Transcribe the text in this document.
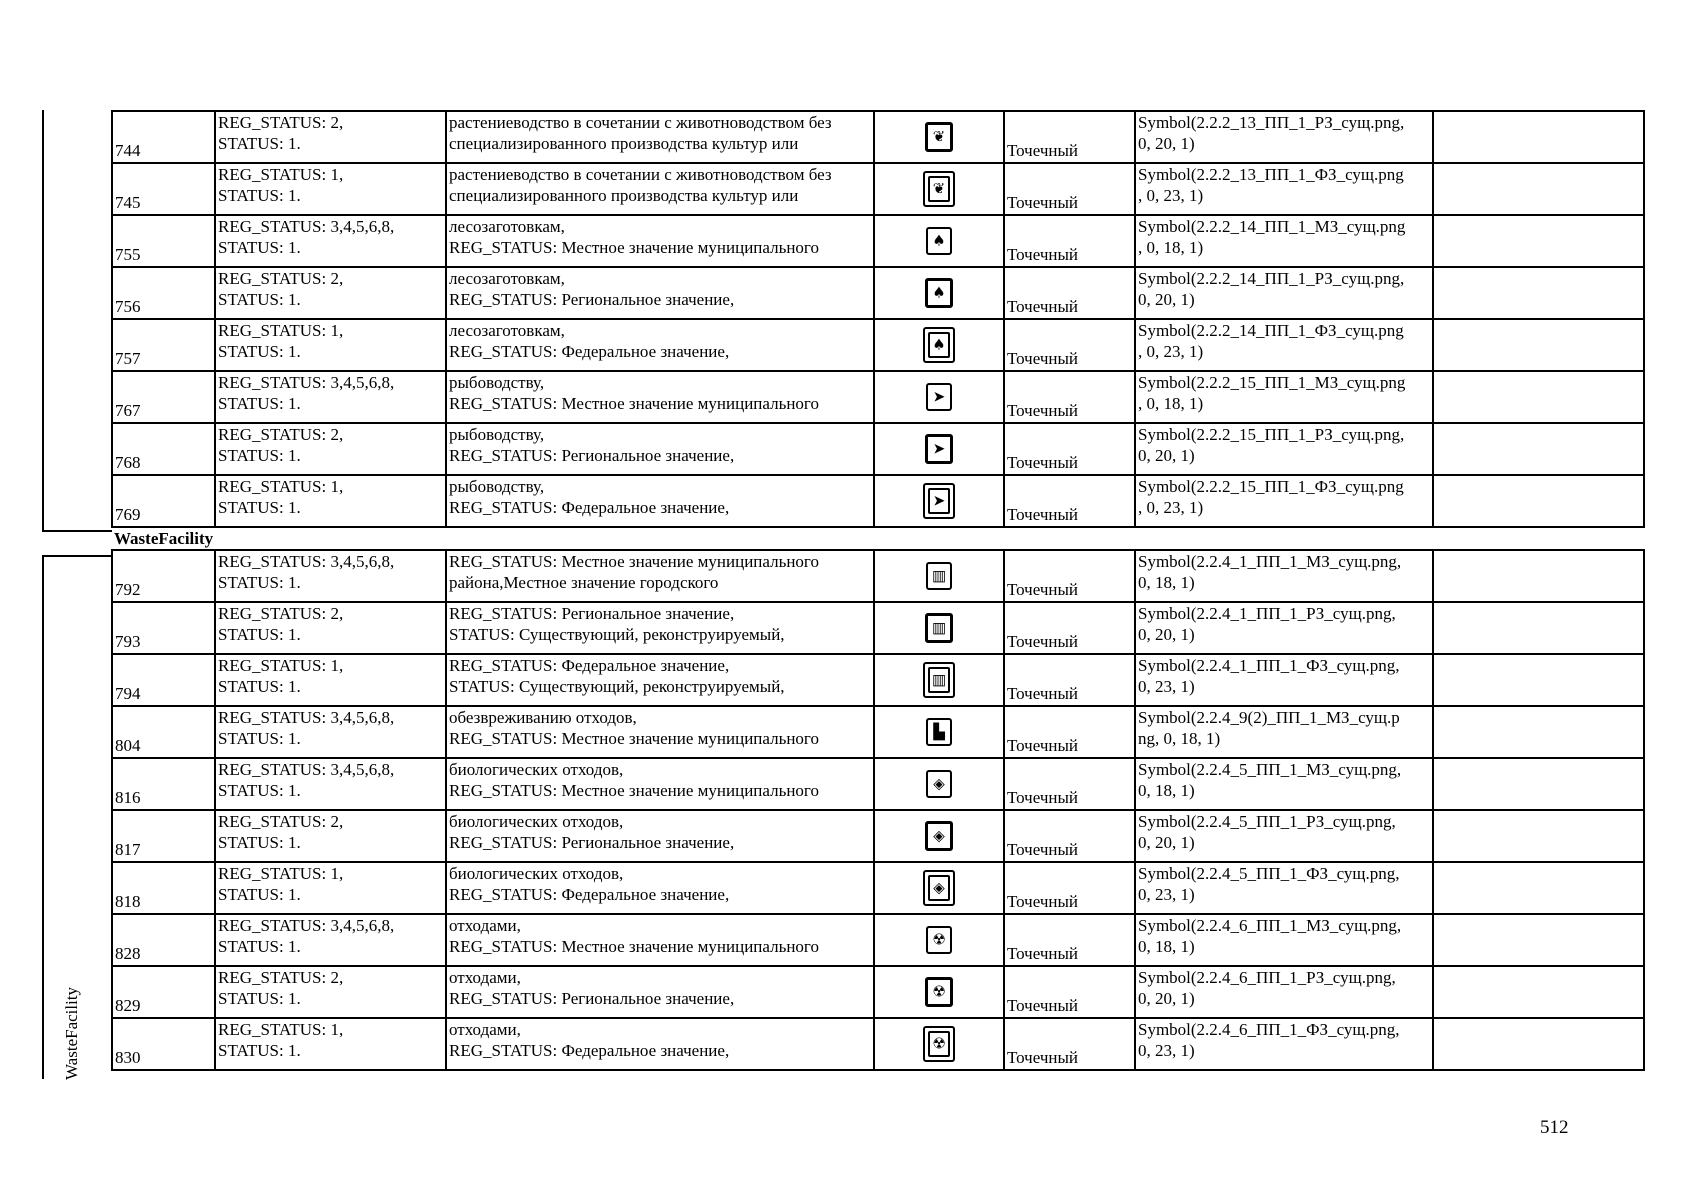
WasteFacility
744	REG_STATUS: 2,
STATUS: 1.	растениеводство в сочетании с животноводством без
специализированного производства культур или	❦	Точечный	Symbol(2.2.2_13_ПП_1_РЗ_сущ.png,
0, 20, 1)	

745	REG_STATUS: 1,
STATUS: 1.	растениеводство в сочетании с животноводством без
специализированного производства культур или	❦	Точечный	Symbol(2.2.2_13_ПП_1_ФЗ_сущ.png
, 0, 23, 1)	

755	REG_STATUS: 3,4,5,6,8,
STATUS: 1.	лесозаготовкам,
REG_STATUS: Местное значение муниципального	♠	Точечный	Symbol(2.2.2_14_ПП_1_МЗ_сущ.png
, 0, 18, 1)	

756	REG_STATUS: 2,
STATUS: 1.	лесозаготовкам,
REG_STATUS: Региональное значение,	♠	Точечный	Symbol(2.2.2_14_ПП_1_РЗ_сущ.png,
0, 20, 1)	

757	REG_STATUS: 1,
STATUS: 1.	лесозаготовкам,
REG_STATUS: Федеральное значение,	♠	Точечный	Symbol(2.2.2_14_ПП_1_ФЗ_сущ.png
, 0, 23, 1)	

767	REG_STATUS: 3,4,5,6,8,
STATUS: 1.	рыбоводству,
REG_STATUS: Местное значение муниципального	➤	Точечный	Symbol(2.2.2_15_ПП_1_МЗ_сущ.png
, 0, 18, 1)	

768	REG_STATUS: 2,
STATUS: 1.	рыбоводству,
REG_STATUS: Региональное значение,	➤	Точечный	Symbol(2.2.2_15_ПП_1_РЗ_сущ.png,
0, 20, 1)	

769	REG_STATUS: 1,
STATUS: 1.	рыбоводству,
REG_STATUS: Федеральное значение,	➤	Точечный	Symbol(2.2.2_15_ПП_1_ФЗ_сущ.png
, 0, 23, 1)	

WasteFacility						
792	REG_STATUS: 3,4,5,6,8,
STATUS: 1.	REG_STATUS: Местное значение муниципального
района,Местное значение городского	▥	Точечный	Symbol(2.2.4_1_ПП_1_МЗ_сущ.png,
0, 18, 1)	

793	REG_STATUS: 2,
STATUS: 1.	REG_STATUS: Региональное значение,
STATUS: Существующий, реконструируемый,	▥	Точечный	Symbol(2.2.4_1_ПП_1_РЗ_сущ.png,
0, 20, 1)	

794	REG_STATUS: 1,
STATUS: 1.	REG_STATUS: Федеральное значение,
STATUS: Существующий, реконструируемый,	▥	Точечный	Symbol(2.2.4_1_ПП_1_ФЗ_сущ.png,
0, 23, 1)	

804	REG_STATUS: 3,4,5,6,8,
STATUS: 1.	обезвреживанию отходов,
REG_STATUS: Местное значение муниципального	▙	Точечный	Symbol(2.2.4_9(2)_ПП_1_МЗ_сущ.p
ng, 0, 18, 1)	

816	REG_STATUS: 3,4,5,6,8,
STATUS: 1.	биологических отходов,
REG_STATUS: Местное значение муниципального	◈	Точечный	Symbol(2.2.4_5_ПП_1_МЗ_сущ.png,
0, 18, 1)	

817	REG_STATUS: 2,
STATUS: 1.	биологических отходов,
REG_STATUS: Региональное значение,	◈	Точечный	Symbol(2.2.4_5_ПП_1_РЗ_сущ.png,
0, 20, 1)	

818	REG_STATUS: 1,
STATUS: 1.	биологических отходов,
REG_STATUS: Федеральное значение,	◈	Точечный	Symbol(2.2.4_5_ПП_1_ФЗ_сущ.png,
0, 23, 1)	

828	REG_STATUS: 3,4,5,6,8,
STATUS: 1.	отходами,
REG_STATUS: Местное значение муниципального	☢	Точечный	Symbol(2.2.4_6_ПП_1_МЗ_сущ.png,
0, 18, 1)	

829	REG_STATUS: 2,
STATUS: 1.	отходами,
REG_STATUS: Региональное значение,	☢	Точечный	Symbol(2.2.4_6_ПП_1_РЗ_сущ.png,
0, 20, 1)	

830	REG_STATUS: 1,
STATUS: 1.	отходами,
REG_STATUS: Федеральное значение,	☢	Точечный	Symbol(2.2.4_6_ПП_1_ФЗ_сущ.png,
0, 23, 1)	

512
